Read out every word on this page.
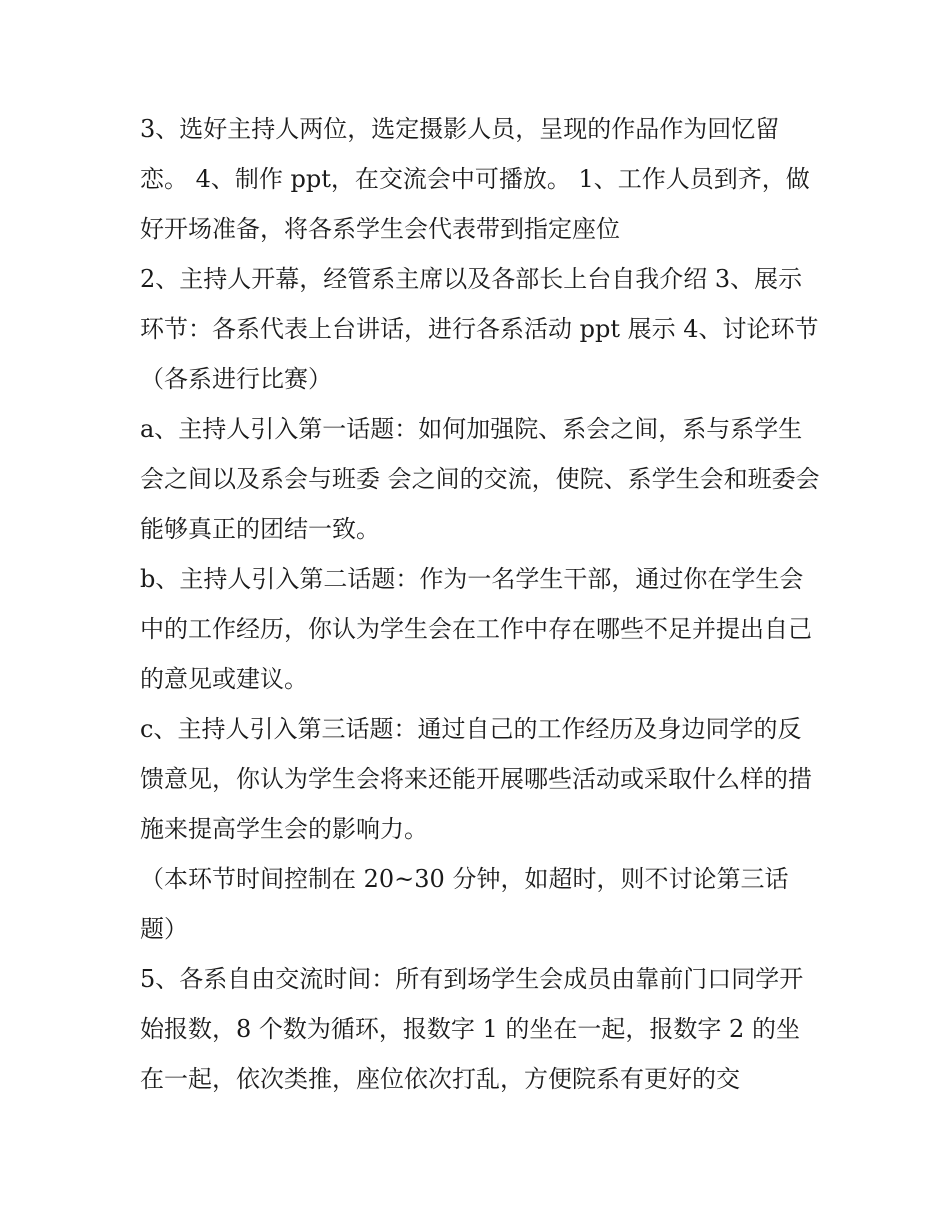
3、选好主持人两位，选定摄影人员，呈现的作品作为回忆留恋。 4、制作 ppt，在交流会中可播放。 1、工作人员到齐，做好开场准备，将各系学生会代表带到指定座位

2、主持人开幕，经管系主席以及各部长上台自我介绍 3、展示环节：各系代表上台讲话，进行各系活动 ppt 展示 4、讨论环节（各系进行比赛）

a、主持人引入第一话题：如何加强院、系会之间，系与系学生会之间以及系会与班委 会之间的交流，使院、系学生会和班委会能够真正的团结一致。

b、主持人引入第二话题：作为一名学生干部，通过你在学生会中的工作经历，你认为学生会在工作中存在哪些不足并提出自己的意见或建议。

c、主持人引入第三话题：通过自己的工作经历及身边同学的反馈意见，你认为学生会将来还能开展哪些活动或采取什么样的措施来提高学生会的影响力。

（本环节时间控制在 20~30 分钟，如超时，则不讨论第三话题）

5、各系自由交流时间：所有到场学生会成员由靠前门口同学开始报数，8 个数为循环，报数字 1 的坐在一起，报数字 2 的坐在一起，依次类推，座位依次打乱，方便院系有更好的交
